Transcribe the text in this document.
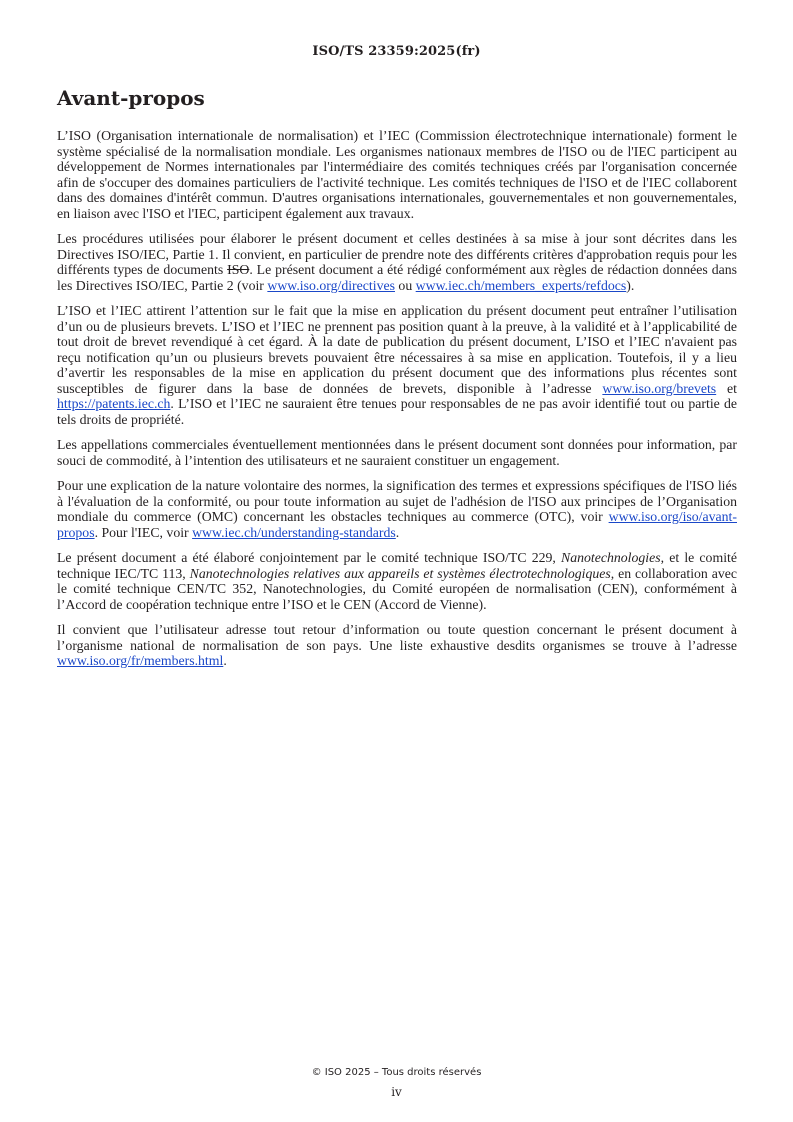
ISO/TS 23359:2025(fr)
Avant-propos

L’ISO (Organisation internationale de normalisation) et l’IEC (Commission électrotechnique internationale) forment le système spécialisé de la normalisation mondiale. Les organismes nationaux membres de l'ISO ou de l'IEC participent au développement de Normes internationales par l'intermédiaire des comités techniques créés par l'organisation concernée afin de s'occuper des domaines particuliers de l'activité technique. Les comités techniques de l'ISO et de l'IEC collaborent dans des domaines d'intérêt commun. D'autres organisations internationales, gouvernementales et non gouvernementales, en liaison avec l'ISO et l'IEC, participent également aux travaux.

Les procédures utilisées pour élaborer le présent document et celles destinées à sa mise à jour sont décrites dans les Directives ISO/IEC, Partie 1. Il convient, en particulier de prendre note des différents critères d'approbation requis pour les différents types de documents ISO. Le présent document a été rédigé conformément aux règles de rédaction données dans les Directives ISO/IEC, Partie 2 (voir www.iso.org/directives ou www.iec.ch/members_experts/refdocs).

L’ISO et l’IEC attirent l’attention sur le fait que la mise en application du présent document peut entraîner l’utilisation d’un ou de plusieurs brevets. L’ISO et l’IEC ne prennent pas position quant à la preuve, à la validité et à l’applicabilité de tout droit de brevet revendiqué à cet égard. À la date de publication du présent document, L’ISO et l’IEC n'avaient pas reçu notification qu’un ou plusieurs brevets pouvaient être nécessaires à sa mise en application. Toutefois, il y a lieu d’avertir les responsables de la mise en application du présent document que des informations plus récentes sont susceptibles de figurer dans la base de données de brevets, disponible à l’adresse www.iso.org/brevets et https://patents.iec.ch. L’ISO et l’IEC ne sauraient être tenues pour responsables de ne pas avoir identifié tout ou partie de tels droits de propriété.

Les appellations commerciales éventuellement mentionnées dans le présent document sont données pour information, par souci de commodité, à l’intention des utilisateurs et ne sauraient constituer un engagement.

Pour une explication de la nature volontaire des normes, la signification des termes et expressions spécifiques de l'ISO liés à l'évaluation de la conformité, ou pour toute information au sujet de l'adhésion de l'ISO aux principes de l’Organisation mondiale du commerce (OMC) concernant les obstacles techniques au commerce (OTC), voir www.iso.org/iso/avant-propos. Pour l'IEC, voir www.iec.ch/understanding-standards.

Le présent document a été élaboré conjointement par le comité technique ISO/TC 229, Nanotechnologies, et le comité technique IEC/TC 113, Nanotechnologies relatives aux appareils et systèmes électrotechnologiques, en collaboration avec le comité technique CEN/TC 352, Nanotechnologies, du Comité européen de normalisation (CEN), conformément à l’Accord de coopération technique entre l’ISO et le CEN (Accord de Vienne).

Il convient que l’utilisateur adresse tout retour d’information ou toute question concernant le présent document à l’organisme national de normalisation de son pays. Une liste exhaustive desdits organismes se trouve à l’adresse www.iso.org/fr/members.html.

© ISO 2025 – Tous droits réservés
iv
